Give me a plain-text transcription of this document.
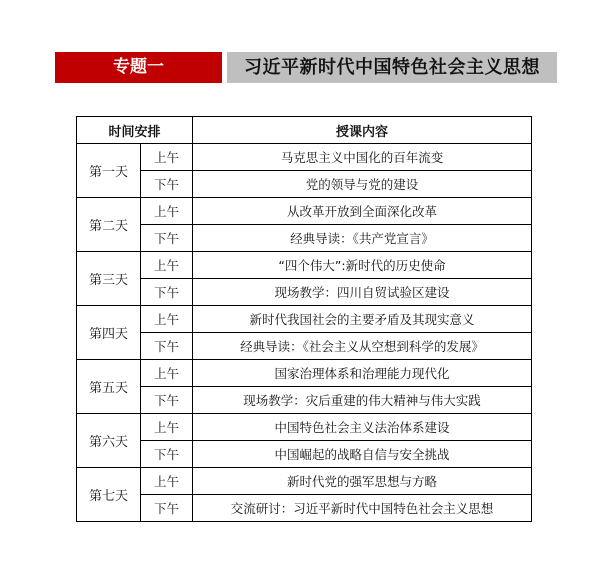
专题一	习近平新时代中国特色社会主义思想
时间安排		授课内容
第一天	上午	马克思主义中国化的百年流变
	下午	党的领导与党的建设
第二天	上午	从改革开放到全面深化改革
	下午	经典导读：《共产党宣言》
第三天	上午	“四个伟大”:新时代的历史使命
	下午	现场教学：四川自贸试验区建设
第四天	上午	新时代我国社会的主要矛盾及其现实意义
	下午	经典导读：《社会主义从空想到科学的发展》
第五天	上午	国家治理体系和治理能力现代化
	下午	现场教学：灾后重建的伟大精神与伟大实践
第六天	上午	中国特色社会主义法治体系建设
	下午	中国崛起的战略自信与安全挑战
第七天	上午	新时代党的强军思想与方略
	下午	交流研讨：习近平新时代中国特色社会主义思想
